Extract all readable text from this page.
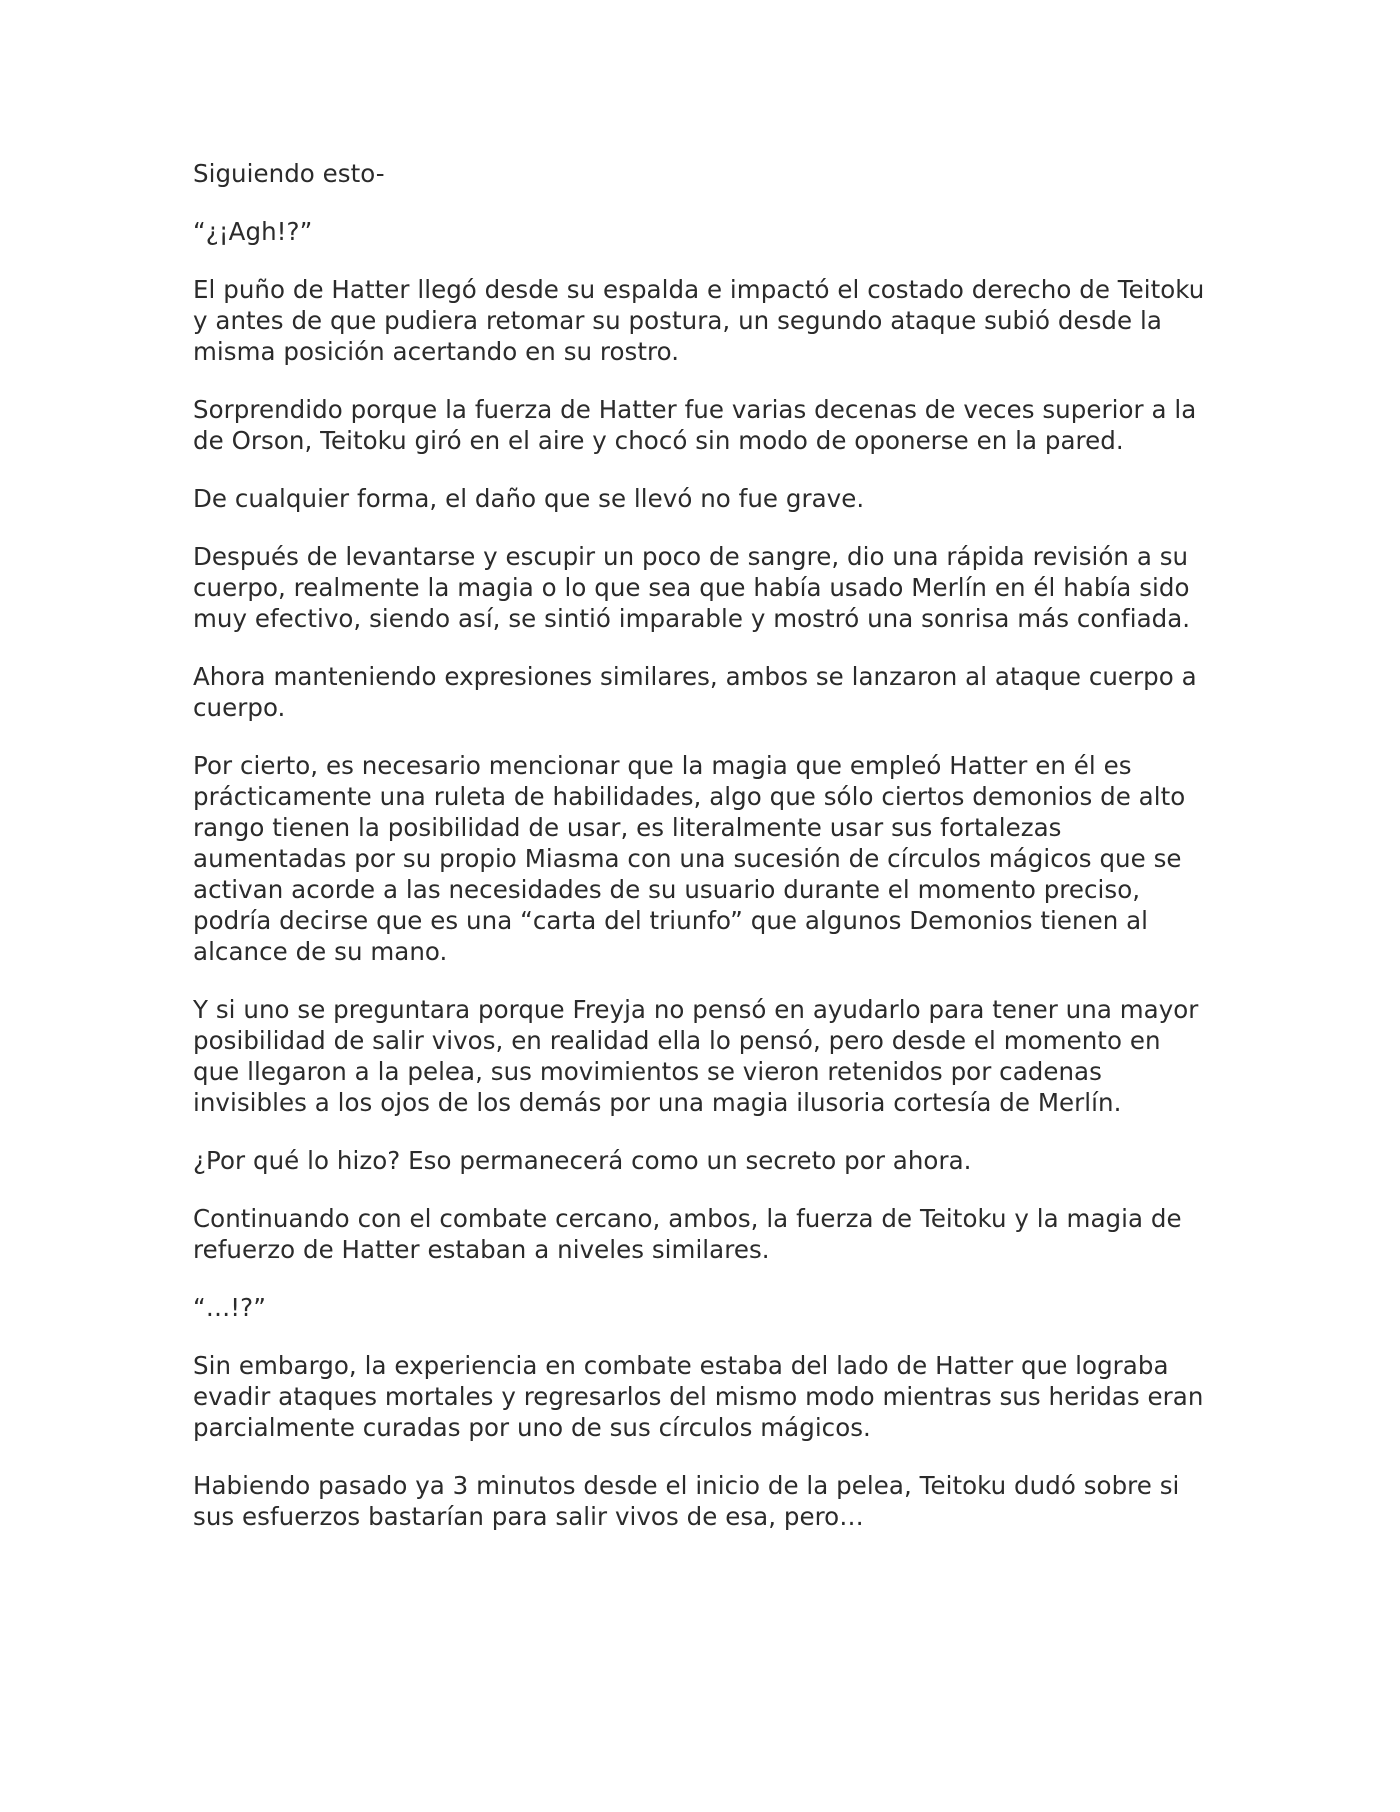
Siguiendo esto-

“¿¡Agh!?”

El puño de Hatter llegó desde su espalda e impactó el costado derecho de Teitoku y antes de que pudiera retomar su postura, un segundo ataque subió desde la misma posición acertando en su rostro.

Sorprendido porque la fuerza de Hatter fue varias decenas de veces superior a la de Orson, Teitoku giró en el aire y chocó sin modo de oponerse en la pared.

De cualquier forma, el daño que se llevó no fue grave.

Después de levantarse y escupir un poco de sangre, dio una rápida revisión a su cuerpo, realmente la magia o lo que sea que había usado Merlín en él había sido muy efectivo, siendo así, se sintió imparable y mostró una sonrisa más confiada.

Ahora manteniendo expresiones similares, ambos se lanzaron al ataque cuerpo a cuerpo.

Por cierto, es necesario mencionar que la magia que empleó Hatter en él es prácticamente una ruleta de habilidades, algo que sólo ciertos demonios de alto rango tienen la posibilidad de usar, es literalmente usar sus fortalezas aumentadas por su propio Miasma con una sucesión de círculos mágicos que se activan acorde a las necesidades de su usuario durante el momento preciso, podría decirse que es una “carta del triunfo” que algunos Demonios tienen al alcance de su mano.

Y si uno se preguntara porque Freyja no pensó en ayudarlo para tener una mayor posibilidad de salir vivos, en realidad ella lo pensó, pero desde el momento en que llegaron a la pelea, sus movimientos se vieron retenidos por cadenas invisibles a los ojos de los demás por una magia ilusoria cortesía de Merlín.

¿Por qué lo hizo? Eso permanecerá como un secreto por ahora.

Continuando con el combate cercano, ambos, la fuerza de Teitoku y la magia de refuerzo de Hatter estaban a niveles similares.

“…!?”

Sin embargo, la experiencia en combate estaba del lado de Hatter que lograba evadir ataques mortales y regresarlos del mismo modo mientras sus heridas eran parcialmente curadas por uno de sus círculos mágicos.

Habiendo pasado ya 3 minutos desde el inicio de la pelea, Teitoku dudó sobre si sus esfuerzos bastarían para salir vivos de esa, pero…
